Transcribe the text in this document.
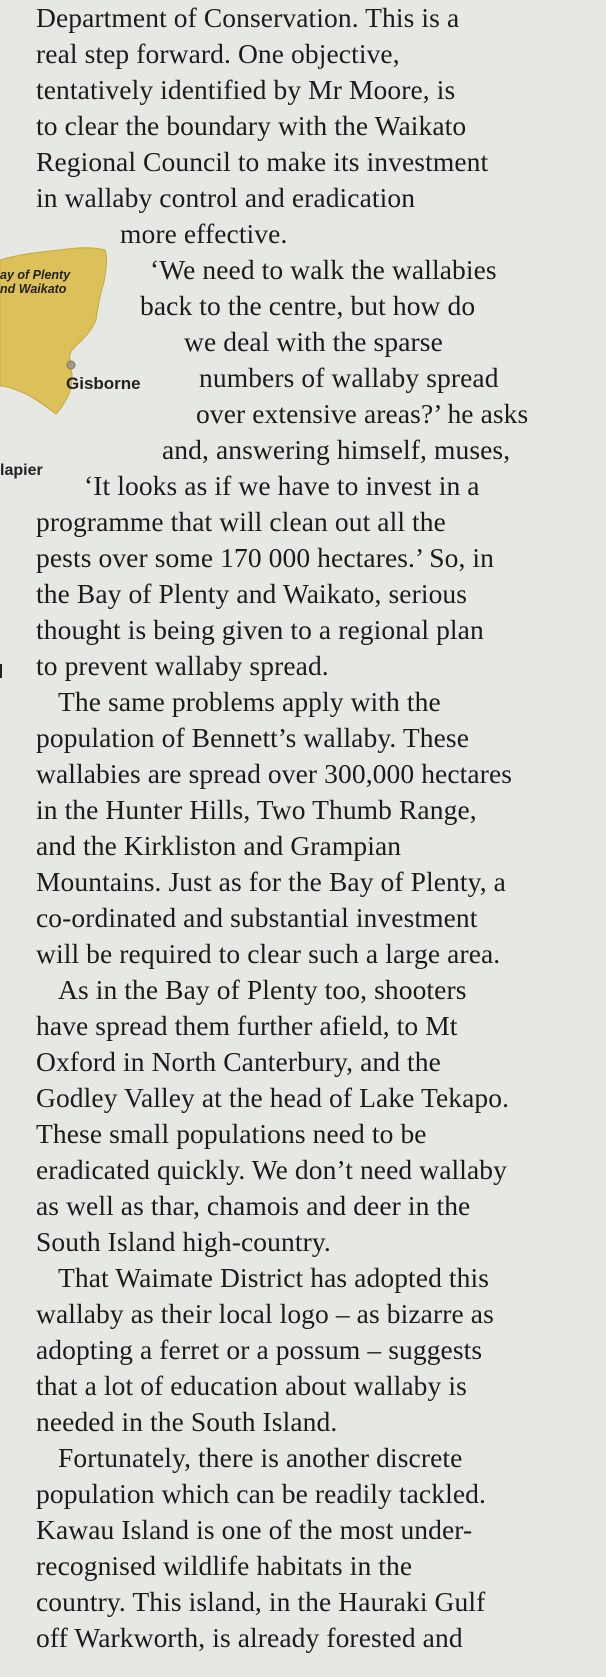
ay of Plenty
nd Waikato
Gisborne
lapier

Department of Conservation. This is a

real step forward. One objective,

tentatively identified by Mr Moore, is

to clear the boundary with the Waikato

Regional Council to make its investment

in wallaby control and eradication

more effective.

‘We need to walk the wallabies

back to the centre, but how do

we deal with the sparse

numbers of wallaby spread

over extensive areas?’ he asks

and, answering himself, muses,

‘It looks as if we have to invest in a

programme that will clean out all the

pests over some 170 000 hectares.’ So, in

the Bay of Plenty and Waikato, serious

thought is being given to a regional plan

to prevent wallaby spread.

The same problems apply with the

population of Bennett’s wallaby. These

wallabies are spread over 300,000 hectares

in the Hunter Hills, Two Thumb Range,

and the Kirkliston and Grampian

Mountains. Just as for the Bay of Plenty, a

co-ordinated and substantial investment

will be required to clear such a large area.

As in the Bay of Plenty too, shooters

have spread them further afield, to Mt

Oxford in North Canterbury, and the

Godley Valley at the head of Lake Tekapo.

These small populations need to be

eradicated quickly. We don’t need wallaby

as well as thar, chamois and deer in the

South Island high-country.

That Waimate District has adopted this

wallaby as their local logo – as bizarre as

adopting a ferret or a possum – suggests

that a lot of education about wallaby is

needed in the South Island.

Fortunately, there is another discrete

population which can be readily tackled.

Kawau Island is one of the most under-

recognised wildlife habitats in the

country. This island, in the Hauraki Gulf

off Warkworth, is already forested and
